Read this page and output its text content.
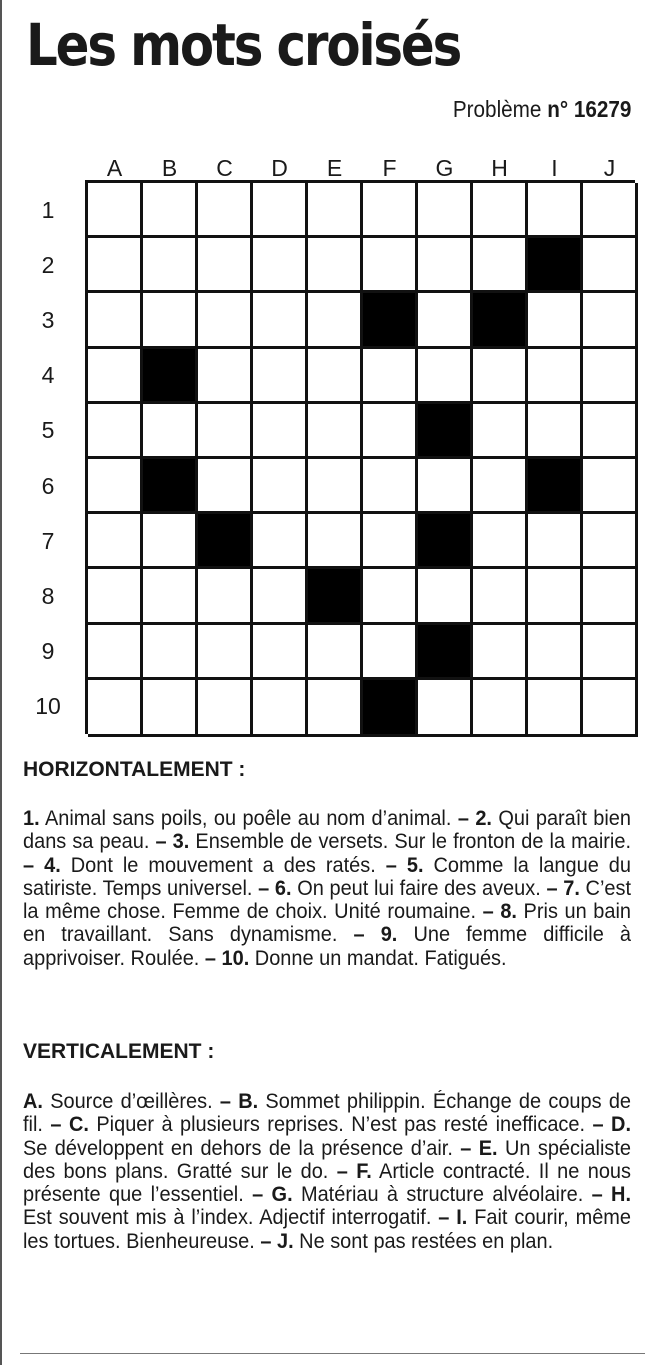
Les mots croisés
Problème n° 16279
A	B	C	D	E	F	G	H	I	J
1
2
3
4
5
6
7
8
9
10
HORIZONTALEMENT :

1. Animal sans poils, ou poêle au nom d’animal. – 2. Qui paraît bien dans sa peau. – 3. Ensemble de versets. Sur le fronton de la mairie. – 4. Dont le mouvement a des ratés. – 5. Comme la langue du satiriste. Temps universel. – 6. On peut lui faire des aveux. – 7. C’est la même chose. Femme de choix. Unité roumaine. – 8. Pris un bain en travaillant. Sans dynamisme. – 9. Une femme difficile à apprivoiser. Roulée. – 10. Donne un mandat. Fatigués.

VERTICALEMENT :

A. Source d’œillères. – B. Sommet philippin. Échange de coups de fil. – C. Piquer à plusieurs reprises. N’est pas resté inefficace. – D. Se développent en dehors de la présence d’air. – E. Un spécialiste des bons plans. Gratté sur le do. – F. Article contracté. Il ne nous présente que l’essentiel. – G. Matériau à structure alvéolaire. – H. Est souvent mis à l’index. Adjectif interrogatif. – I. Fait courir, même les tortues. Bienheureuse. – J. Ne sont pas restées en plan.
